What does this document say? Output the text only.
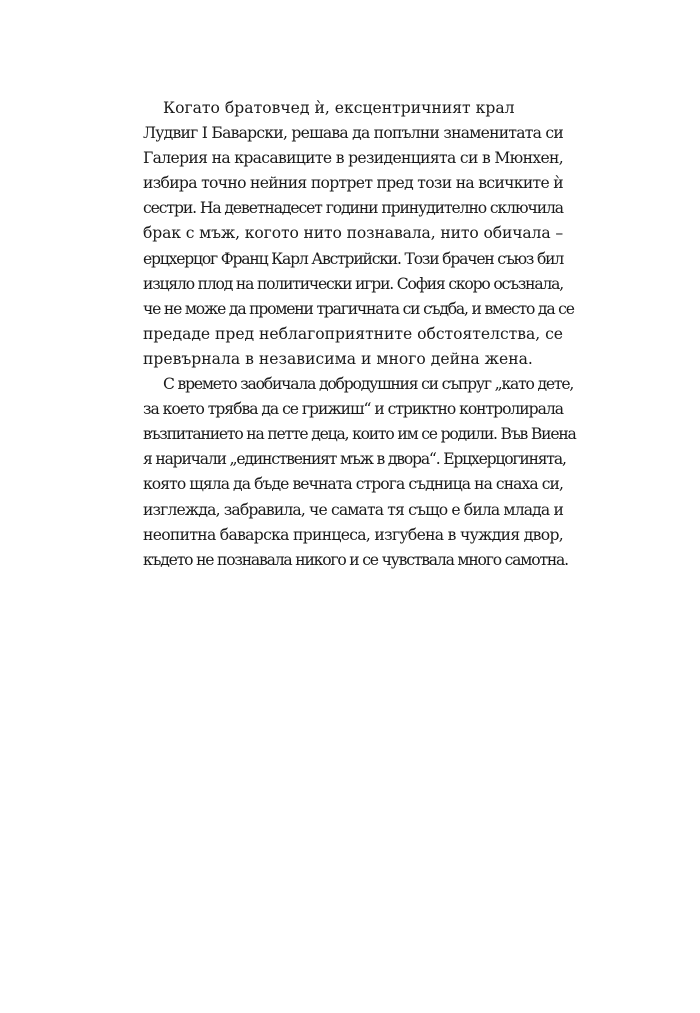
Когато братовчед ѝ, ексцентричният крал
Лудвиг I Баварски, решава да попълни знаменитата си
Галерия на красавиците в резиденцията си в Мюнхен,
избира точно нейния портрет пред този на всичките ѝ
сестри. На деветнадесет години принудително сключила
брак с мъж, когото нито познавала, нито обичала –
ерцхерцог Франц Карл Австрийски. Този брачен съюз бил
изцяло плод на политически игри. София скоро осъзнала,
че не може да промени трагичната си съдба, и вместо да се
предаде пред неблагоприятните обстоятелства, се
превърнала в независима и много дейна жена.
С времето заобичала добродушния си съпруг „като дете,
за което трябва да се грижиш“ и стриктно контролирала
възпитанието на петте деца, които им се родили. Във Виена
я наричали „единственият мъж в двора“. Ерцхерцогинята,
която щяла да бъде вечната строга съдница на снаха си,
изглежда, забравила, че самата тя също е била млада и
неопитна баварска принцеса, изгубена в чуждия двор,
където не познавала никого и се чувствала много самотна.
